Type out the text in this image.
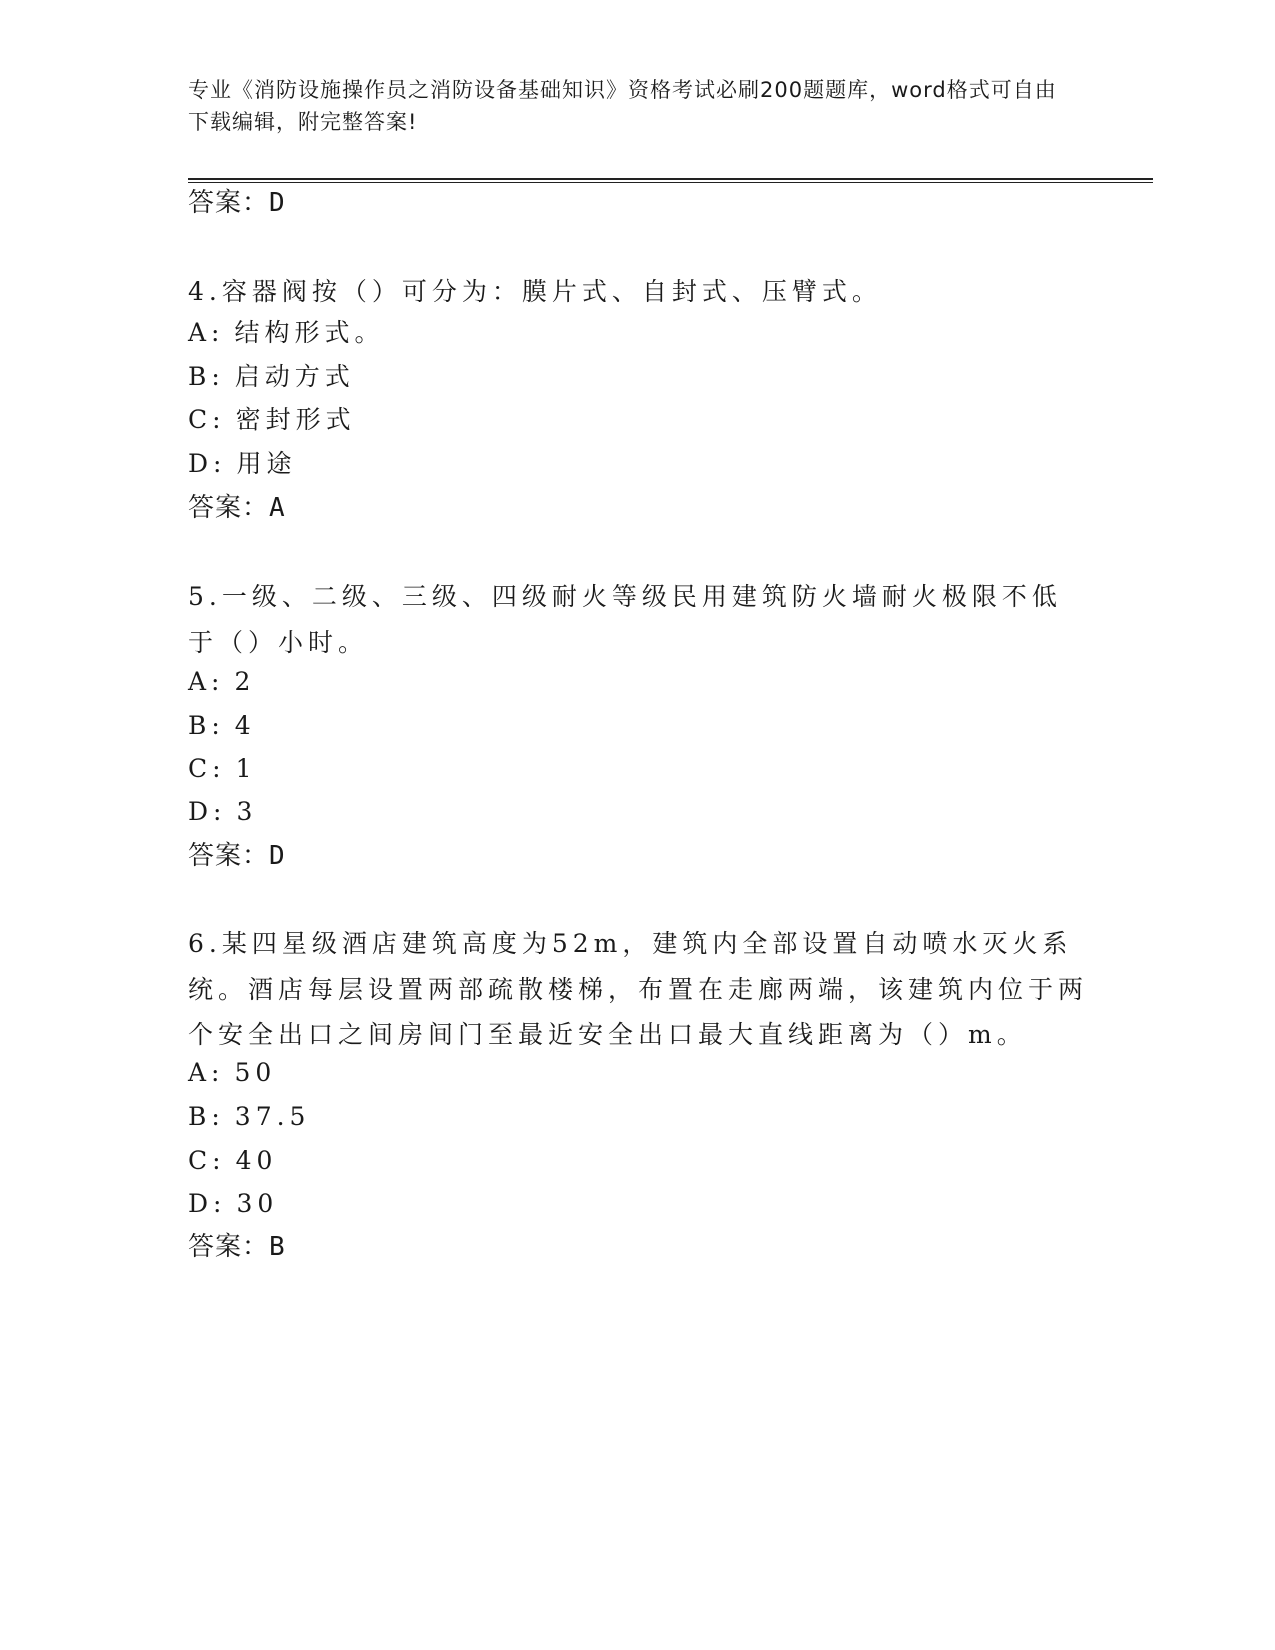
专业《消防设施操作员之消防设备基础知识》资格考试必刷200题题库，word格式可自由下载编辑，附完整答案!
答案：D
4.容器阀按（）可分为：膜片式、自封式、压臂式。
A: 结构形式。
B: 启动方式
C: 密封形式
D: 用途
答案：A
5.一级、二级、三级、四级耐火等级民用建筑防火墙耐火极限不低于（）小时。
A: 2
B: 4
C: 1
D: 3
答案：D
6.某四星级酒店建筑高度为52m，建筑内全部设置自动喷水灭火系统。酒店每层设置两部疏散楼梯，布置在走廊两端，该建筑内位于两个安全出口之间房间门至最近安全出口最大直线距离为（）m。
A: 50
B: 37.5
C: 40
D: 30
答案：B
